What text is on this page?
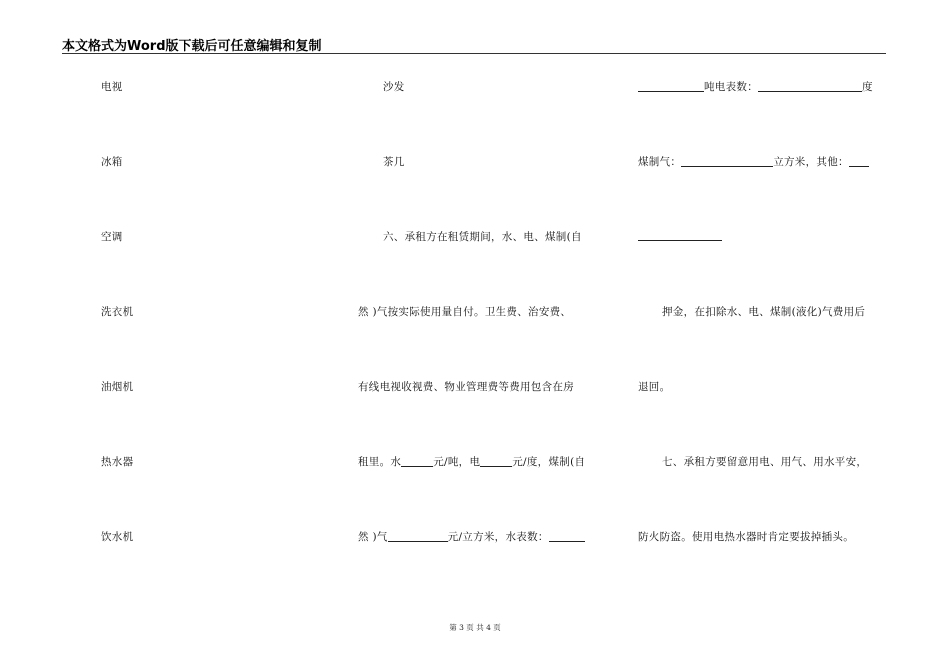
本文格式为Word版下载后可任意编辑和复制
电视
冰箱
空调
洗衣机
油烟机
热水器
饮水机
沙发
茶几
六、承租方在租赁期间，水、电、煤制(自
然 )气按实际使用量自付。卫生费、治安费、
有线电视收视费、物业管理费等费用包含在房
租里。水	元/吨，电	元/度，煤制(自
然 )气	元/立方米，水表数：
吨电表数：	度
煤制气：	立方米，其他：
押金，在扣除水、电、煤制(液化)气费用后
退回。
七、承租方要留意用电、用气、用水平安，
防火防盗。使用电热水器时肯定要拔掉插头。
第 3 页 共 4 页
